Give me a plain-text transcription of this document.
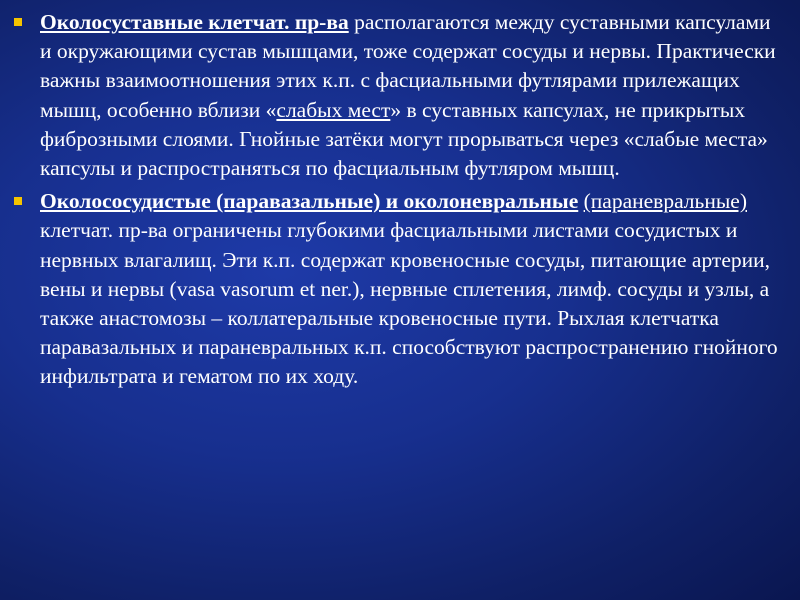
Околосуставные клетчат. пр-ва располагаются между суставными капсулами и окружающими сустав мышцами, тоже содержат сосуды и нервы. Практически важны взаимоотношения этих к.п. с фасциальными футлярами прилежащих мышц, особенно вблизи «слабых мест» в суставных капсулах, не прикрытых фиброзными слоями. Гнойные затёки могут прорываться через «слабые места» капсулы и распространяться по фасциальным футляром мышц.
Околососудистые (паравазальные) и околоневральные (параневральные) клетчат. пр-ва ограничены глубокими фасциальными листами сосудистых и нервных влагалищ. Эти к.п. содержат кровеносные сосуды, питающие артерии, вены и нервы (vasa vasorum et ner.), нервные сплетения, лимф. сосуды и узлы, а также анастомозы – коллатеральные кровеносные пути. Рыхлая клетчатка паравазальных и параневральных к.п. способствуют распространению гнойного инфильтрата и гематом по их ходу.
